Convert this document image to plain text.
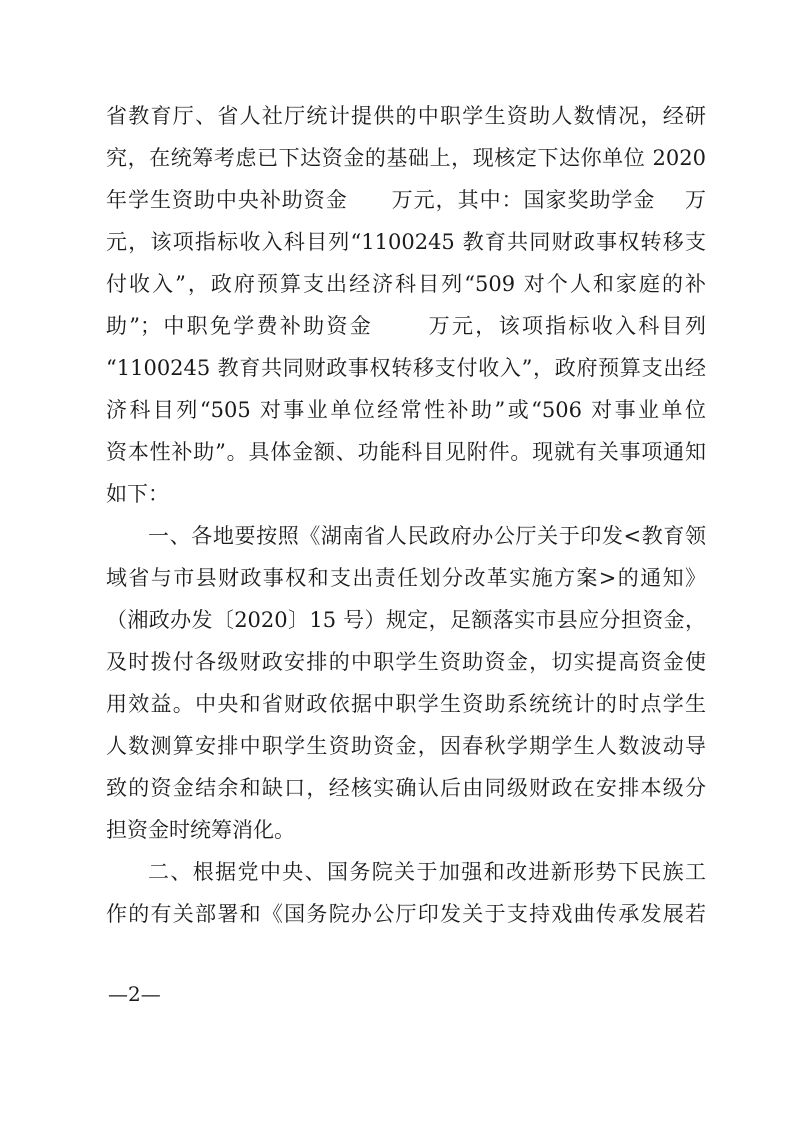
省教育厅、省人社厅统计提供的中职学生资助人数情况，经研
究，在统筹考虑已下达资金的基础上，现核定下达你单位 2020
年学生资助中央补助资金　　万元，其中：国家奖助学金　 万
元，该项指标收入科目列“1100245 教育共同财政事权转移支
付收入”，政府预算支出经济科目列“509 对个人和家庭的补
助”；中职免学费补助资金　　 万元，该项指标收入科目列
“1100245 教育共同财政事权转移支付收入”，政府预算支出经
济科目列“505 对事业单位经常性补助”或“506 对事业单位
资本性补助”。具体金额、功能科目见附件。现就有关事项通知
如下：
一、各地要按照《湖南省人民政府办公厅关于印发<教育领
域省与市县财政事权和支出责任划分改革实施方案>的通知》
（湘政办发〔2020〕15 号）规定，足额落实市县应分担资金，
及时拨付各级财政安排的中职学生资助资金，切实提高资金使
用效益。中央和省财政依据中职学生资助系统统计的时点学生
人数测算安排中职学生资助资金，因春秋学期学生人数波动导
致的资金结余和缺口，经核实确认后由同级财政在安排本级分
担资金时统筹消化。
二、根据党中央、国务院关于加强和改进新形势下民族工
作的有关部署和《国务院办公厅印发关于支持戏曲传承发展若
—2—
